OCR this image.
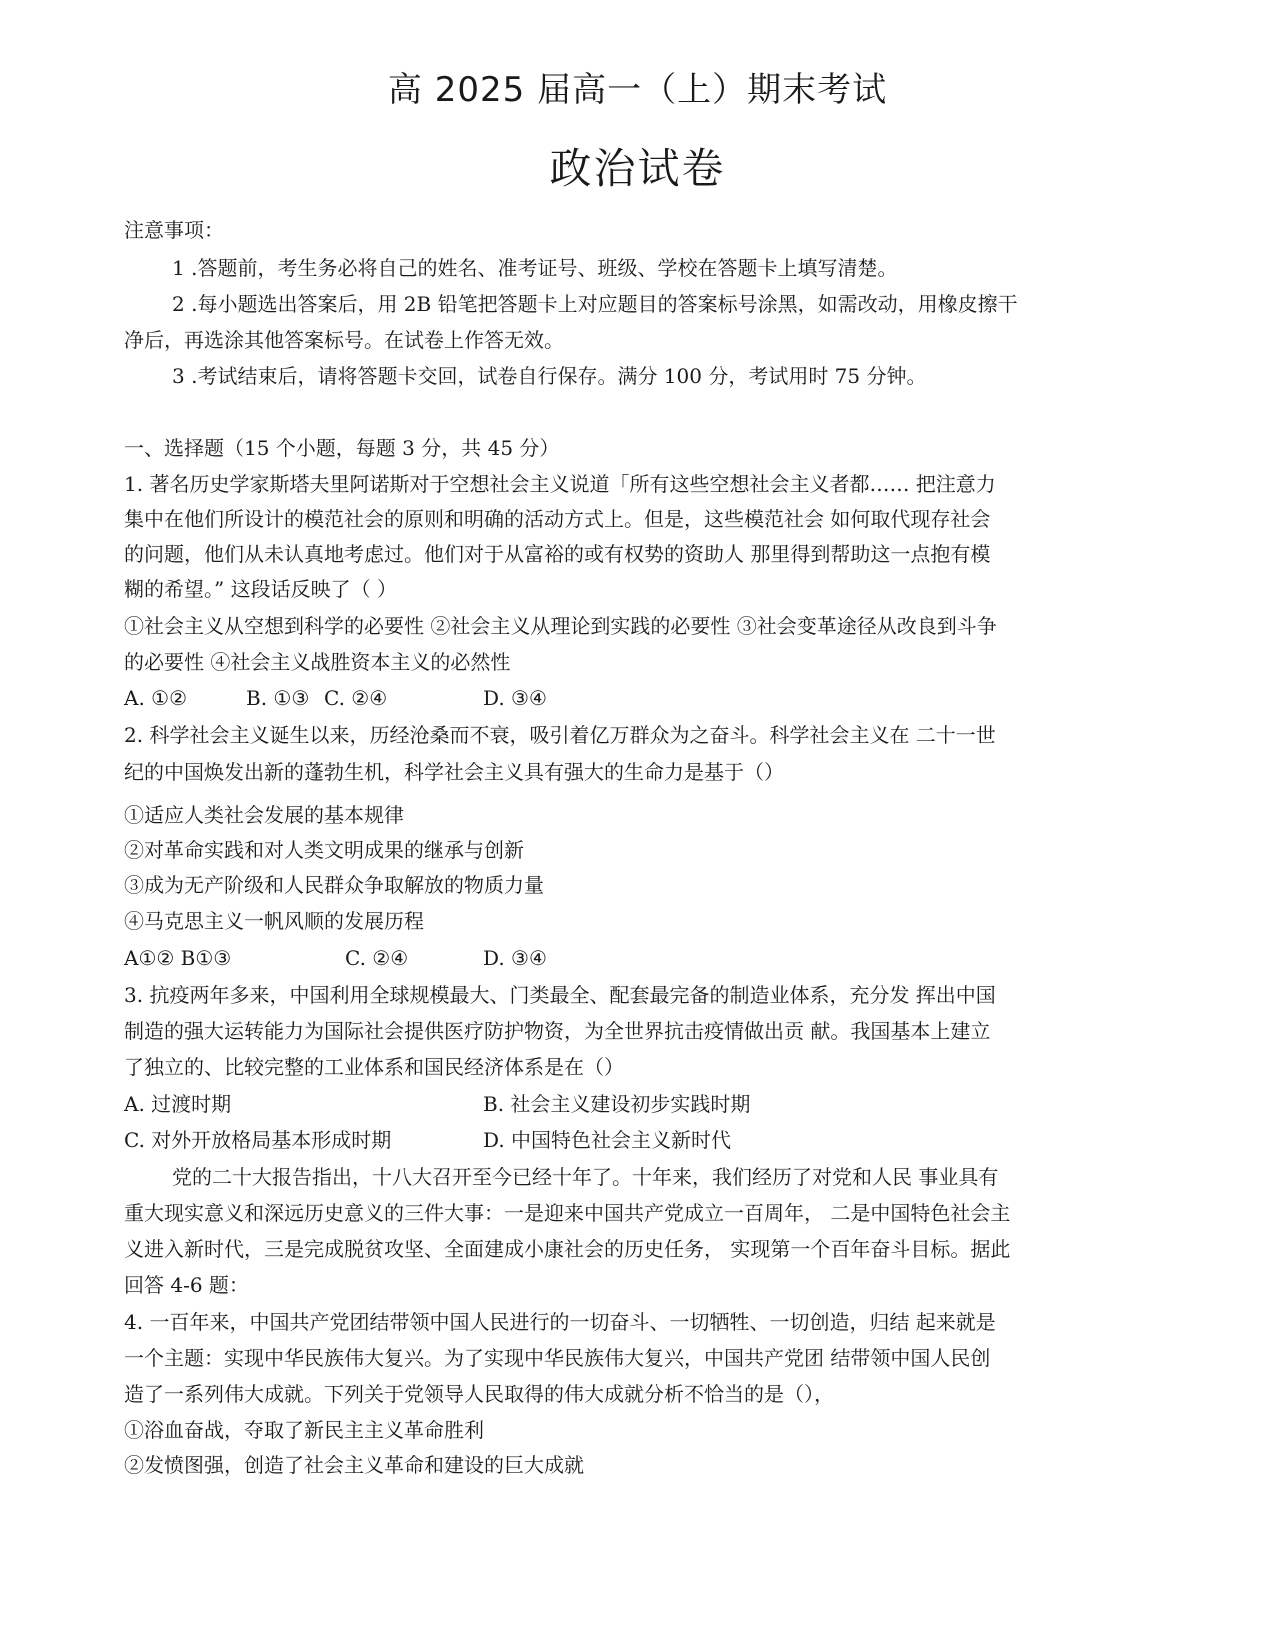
高 2025 届高一（上）期末考试
政治试卷
注意事项：
1 .答题前，考生务必将自己的姓名、准考证号、班级、学校在答题卡上填写清楚。
2 .每小题选出答案后，用 2B 铅笔把答题卡上对应题目的答案标号涂黑，如需改动，用橡皮擦干
净后，再选涂其他答案标号。在试卷上作答无效。
3 .考试结束后，请将答题卡交回，试卷自行保存。满分 100 分，考试用时 75 分钟。
一、选择题（15 个小题，每题 3 分，共 45 分）
1. 著名历史学家斯塔夫里阿诺斯对于空想社会主义说道「所有这些空想社会主义者都…… 把注意力
集中在他们所设计的模范社会的原则和明确的活动方式上。但是，这些模范社会 如何取代现存社会
的问题，他们从未认真地考虑过。他们对于从富裕的或有权势的资助人 那里得到帮助这一点抱有模
糊的希望。” 这段话反映了（ ）
①社会主义从空想到科学的必要性 ②社会主义从理论到实践的必要性 ③社会变革途径从改良到斗争
的必要性 ④社会主义战胜资本主义的必然性
A. ①②	B. ①③ C. ②④	D. ③④
2. 科学社会主义诞生以来，历经沧桑而不衰，吸引着亿万群众为之奋斗。科学社会主义在 二十一世
纪的中国焕发出新的蓬勃生机，科学社会主义具有强大的生命力是基于（）
①适应人类社会发展的基本规律
②对革命实践和对人类文明成果的继承与创新
③成为无产阶级和人民群众争取解放的物质力量
④马克思主义一帆风顺的发展历程
A①② B①③	C. ②④	D. ③④
3. 抗疫两年多来，中国利用全球规模最大、门类最全、配套最完备的制造业体系，充分发 挥出中国
制造的强大运转能力为国际社会提供医疗防护物资，为全世界抗击疫情做出贡 献。我国基本上建立
了独立的、比较完整的工业体系和国民经济体系是在（）
A. 过渡时期	B. 社会主义建设初步实践时期
C. 对外开放格局基本形成时期	D. 中国特色社会主义新时代
党的二十大报告指出，十八大召开至今已经十年了。十年来，我们经历了对党和人民 事业具有
重大现实意义和深远历史意义的三件大事：一是迎来中国共产党成立一百周年， 二是中国特色社会主
义进入新时代，三是完成脱贫攻坚、全面建成小康社会的历史任务， 实现第一个百年奋斗目标。据此
回答 4-6 题：
4. 一百年来，中国共产党团结带领中国人民进行的一切奋斗、一切牺牲、一切创造，归结 起来就是
一个主题：实现中华民族伟大复兴。为了实现中华民族伟大复兴，中国共产党团 结带领中国人民创
造了一系列伟大成就。下列关于党领导人民取得的伟大成就分析不恰当的是（），
①浴血奋战，夺取了新民主主义革命胜利
②发愤图强，创造了社会主义革命和建设的巨大成就
